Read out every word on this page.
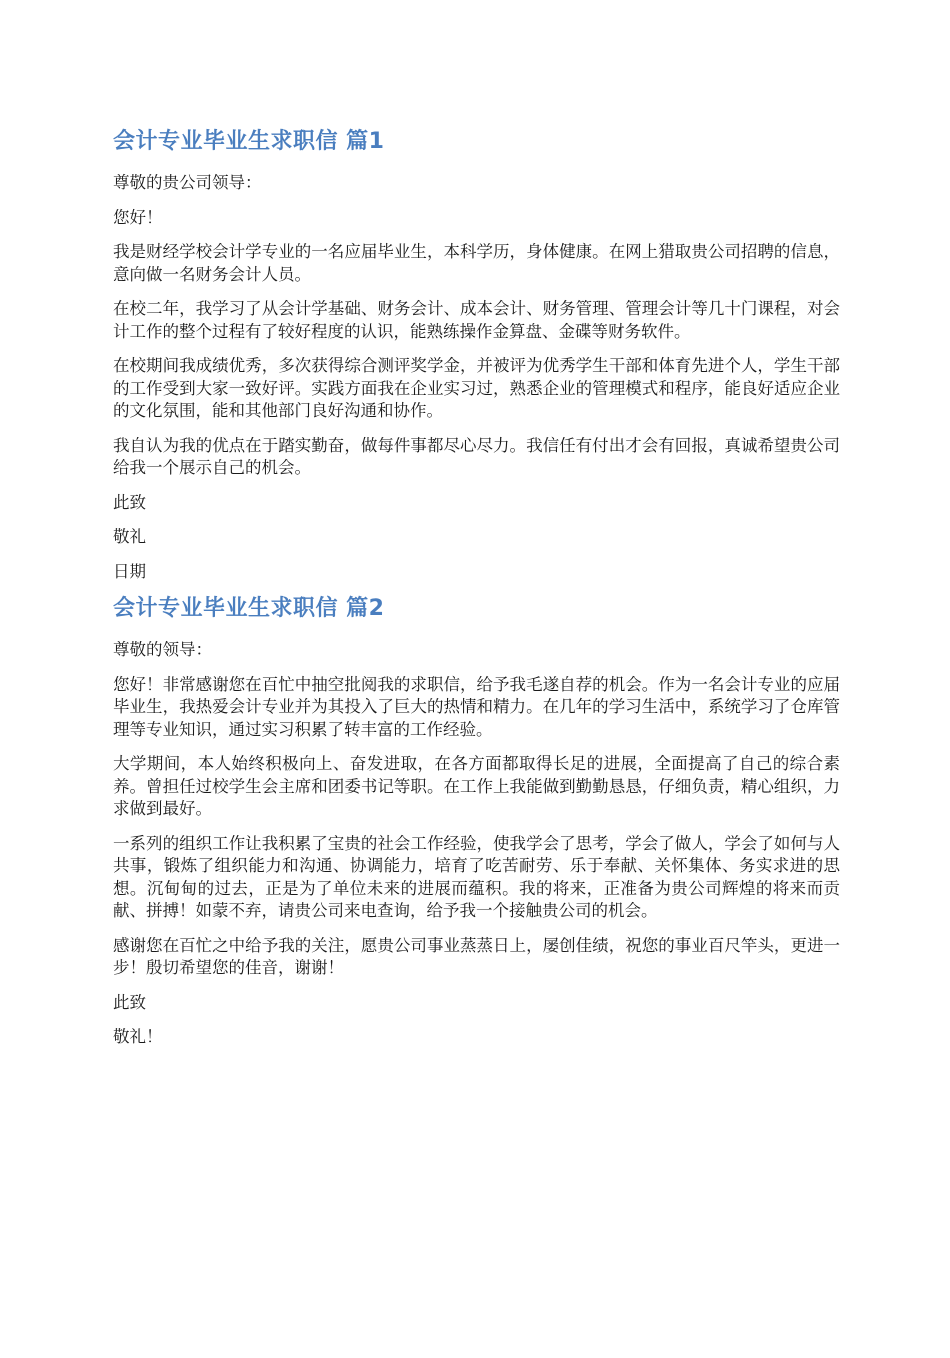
会计专业毕业生求职信 篇1

尊敬的贵公司领导：

您好！

我是财经学校会计学专业的一名应届毕业生，本科学历，身体健康。在网上猎取贵公司招聘的信息，意向做一名财务会计人员。

在校二年，我学习了从会计学基础、财务会计、成本会计、财务管理、管理会计等几十门课程，对会计工作的整个过程有了较好程度的认识，能熟练操作金算盘、金碟等财务软件。

在校期间我成绩优秀，多次获得综合测评奖学金，并被评为优秀学生干部和体育先进个人，学生干部的工作受到大家一致好评。实践方面我在企业实习过，熟悉企业的管理模式和程序，能良好适应企业的文化氛围，能和其他部门良好沟通和协作。

我自认为我的优点在于踏实勤奋，做每件事都尽心尽力。我信任有付出才会有回报，真诚希望贵公司给我一个展示自己的机会。

此致

敬礼

日期

会计专业毕业生求职信 篇2

尊敬的领导：

您好！非常感谢您在百忙中抽空批阅我的求职信，给予我毛遂自荐的机会。作为一名会计专业的应届毕业生，我热爱会计专业并为其投入了巨大的热情和精力。在几年的学习生活中，系统学习了仓库管理等专业知识，通过实习积累了转丰富的工作经验。

大学期间，本人始终积极向上、奋发进取，在各方面都取得长足的进展，全面提高了自己的综合素养。曾担任过校学生会主席和团委书记等职。在工作上我能做到勤勤恳恳，仔细负责，精心组织，力求做到最好。

一系列的组织工作让我积累了宝贵的社会工作经验，使我学会了思考，学会了做人，学会了如何与人共事，锻炼了组织能力和沟通、协调能力，培育了吃苦耐劳、乐于奉献、关怀集体、务实求进的思想。沉甸甸的过去，正是为了单位未来的进展而蕴积。我的将来，正准备为贵公司辉煌的将来而贡献、拼搏！如蒙不弃，请贵公司来电查询，给予我一个接触贵公司的机会。

感谢您在百忙之中给予我的关注，愿贵公司事业蒸蒸日上，屡创佳绩，祝您的事业百尺竿头，更进一步！殷切希望您的佳音，谢谢！

此致

敬礼！
